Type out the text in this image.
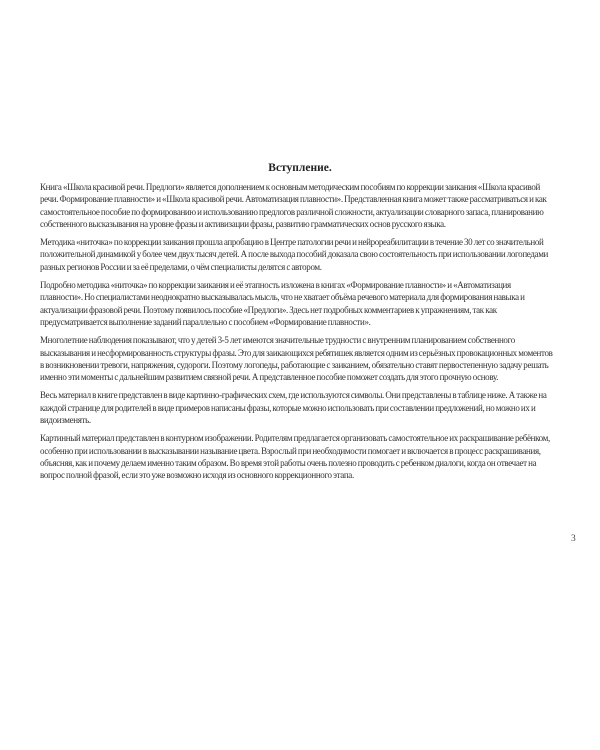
Вступление.

Книга «Школа красивой речи. Предлоги» является дополнением к основным методическим пособиям по коррекции заикания «Школа красивой
речи. Формирование плавности» и «Школа красивой речи. Автоматизация плавности». Представленная книга может также рассматриваться и как
самостоятельное пособие по формированию и использованию предлогов различной сложности, актуализации словарного запаса, планированию
собственного высказывания на уровне фразы и активизации фразы, развитию грамматических основ русского языка.

Методика «ниточка» по коррекции заикания прошла апробацию в Центре патологии речи и нейрореабилитации в течение 30 лет со значительной
положительной динамикой у более чем двух тысяч детей. А после выхода пособий доказала свою состоятельность при использовании логопедами
разных регионов России и за её пределами, о чём специалисты делятся с автором.

Подробно методика «ниточка» по коррекции заикания и её этапность изложена в книгах «Формирование плавности» и «Автоматизация
плавности». Но специалистами неоднократно высказывалась мысль, что не хватает объёма речевого материала для формирования навыка и
актуализации фразовой речи. Поэтому появилось пособие «Предлоги». Здесь нет подробных комментариев к упражнениям, так как
предусматривается выполнение заданий параллельно с пособием «Формирование плавности».

Многолетние наблюдения показывают, что у детей 3-5 лет имеются значительные трудности с внутренним планированием собственного
высказывания и несформированность структуры фразы. Это для заикающихся ребятишек является одним из серьёзных провокационных моментов
в возникновении тревоги, напряжения, судороги. Поэтому логопеды, работающие с заиканием, обязательно ставят первостепенную задачу решать
именно эти моменты с дальнейшим развитием связной речи. А представленное пособие поможет создать для этого прочную основу.

Весь материал в книге представлен в виде картинно-графических схем, где используются символы. Они представлены в таблице ниже. А также на
каждой странице для родителей в виде примеров написаны фразы, которые можно использовать при составлении предложений, но можно их и
видоизменять.

Картинный материал представлен в контурном изображении. Родителям предлагается организовать самостоятельное их раскрашивание ребёнком,
особенно при использовании в высказывании называние цвета. Взрослый при необходимости помогает и включается в процесс раскрашивания,
объясняя, как и почему делаем именно таким образом. Во время этой работы очень полезно проводить с ребенком диалоги, когда он отвечает на
вопрос полной фразой, если это уже возможно исходя из основного коррекционного этапа.

3
